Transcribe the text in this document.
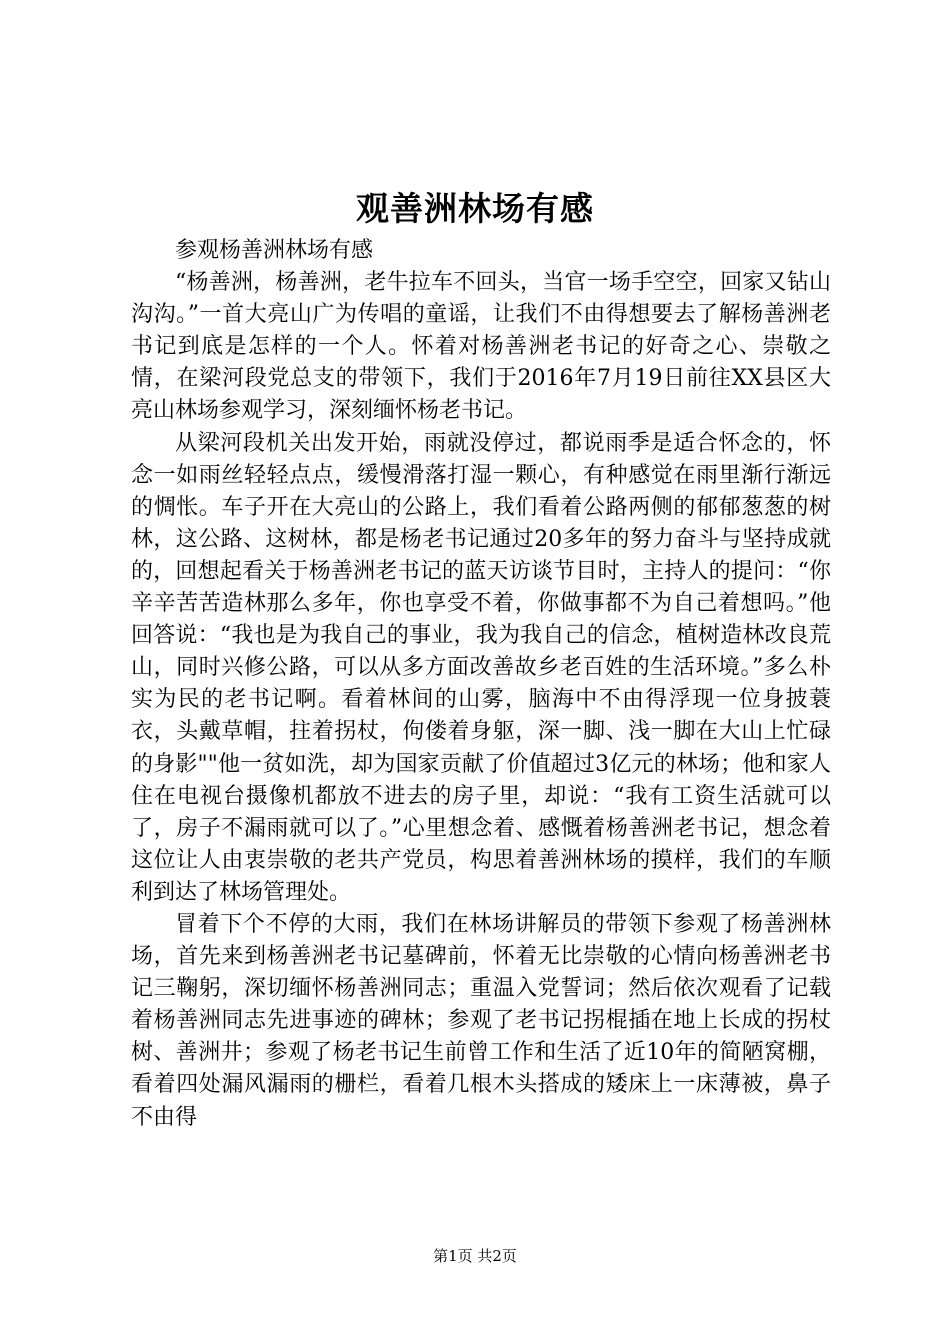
观善洲林场有感

参观杨善洲林场有感

“杨善洲，杨善洲，老牛拉车不回头，当官一场手空空，回家又钻山沟沟。”一首大亮山广为传唱的童谣，让我们不由得想要去了解杨善洲老书记到底是怎样的一个人。怀着对杨善洲老书记的好奇之心、崇敬之情，在梁河段党总支的带领下，我们于2016年7月19日前往XX县区大亮山林场参观学习，深刻缅怀杨老书记。

从梁河段机关出发开始，雨就没停过，都说雨季是适合怀念的，怀念一如雨丝轻轻点点，缓慢滑落打湿一颗心，有种感觉在雨里渐行渐远的惆怅。车子开在大亮山的公路上，我们看着公路两侧的郁郁葱葱的树林，这公路、这树林，都是杨老书记通过20多年的努力奋斗与坚持成就的，回想起看关于杨善洲老书记的蓝天访谈节目时，主持人的提问：“你辛辛苦苦造林那么多年，你也享受不着，你做事都不为自己着想吗。”他回答说：“我也是为我自己的事业，我为我自己的信念，植树造林改良荒山，同时兴修公路，可以从多方面改善故乡老百姓的生活环境。”多么朴实为民的老书记啊。看着林间的山雾，脑海中不由得浮现一位身披蓑衣，头戴草帽，拄着拐杖，佝偻着身躯，深一脚、浅一脚在大山上忙碌的身影""他一贫如洗，却为国家贡献了价值超过3亿元的林场；他和家人住在电视台摄像机都放不进去的房子里，却说：“我有工资生活就可以了，房子不漏雨就可以了。”心里想念着、感慨着杨善洲老书记，想念着这位让人由衷崇敬的老共产党员，构思着善洲林场的摸样，我们的车顺利到达了林场管理处。

冒着下个不停的大雨，我们在林场讲解员的带领下参观了杨善洲林场，首先来到杨善洲老书记墓碑前，怀着无比崇敬的心情向杨善洲老书记三鞠躬，深切缅怀杨善洲同志；重温入党誓词；然后依次观看了记载着杨善洲同志先进事迹的碑林；参观了老书记拐棍插在地上长成的拐杖树、善洲井；参观了杨老书记生前曾工作和生活了近10年的简陋窝棚，看着四处漏风漏雨的栅栏，看着几根木头搭成的矮床上一床薄被，鼻子不由得

第1页 共2页
